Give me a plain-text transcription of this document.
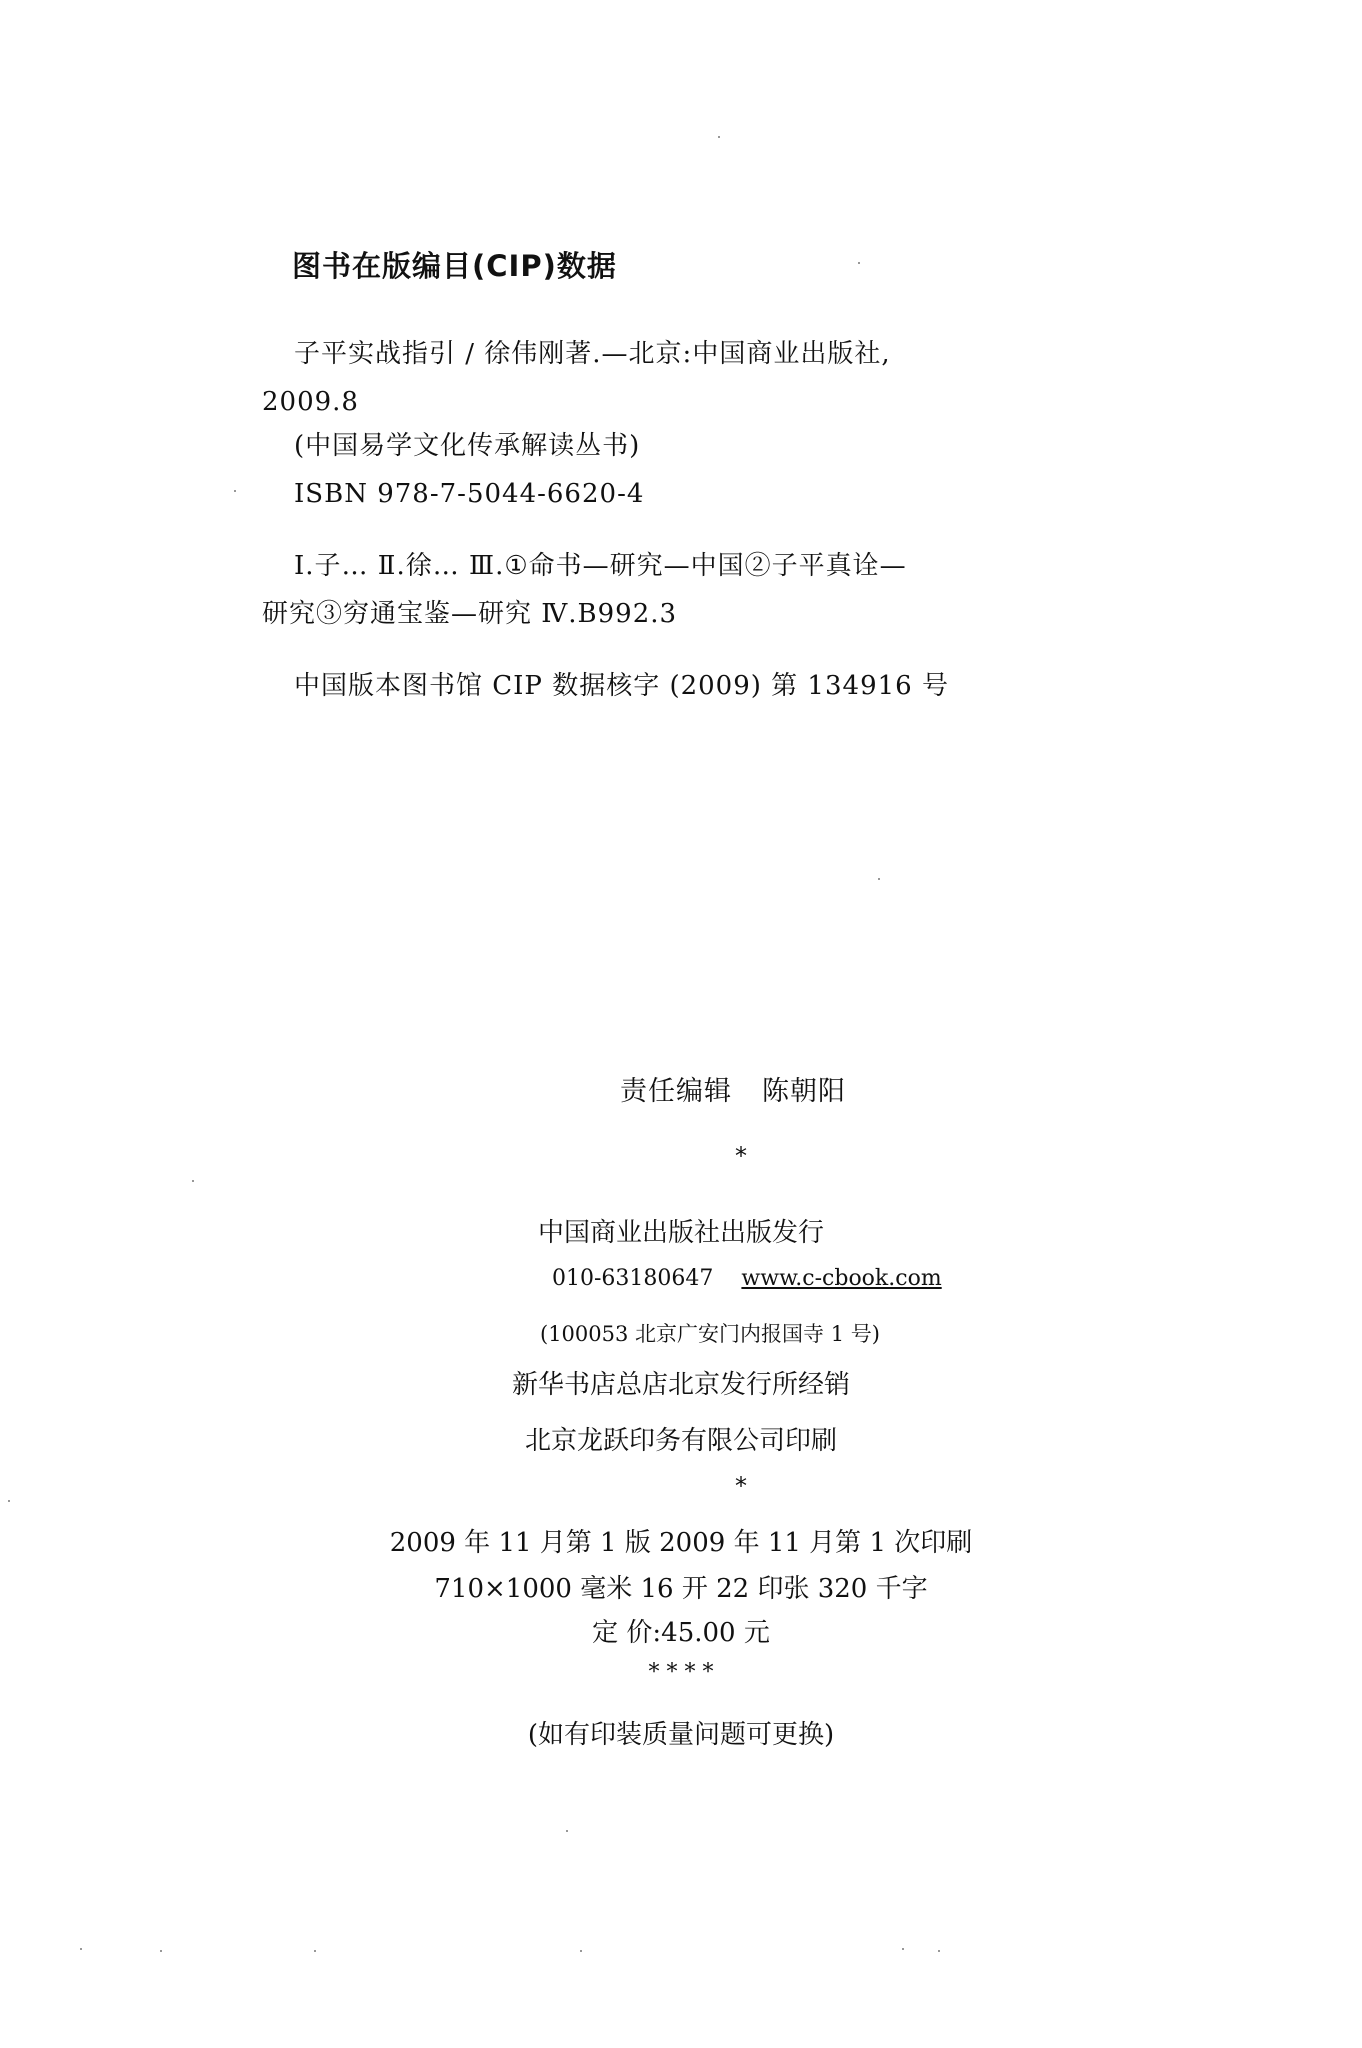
图书在版编目(CIP)数据
子平实战指引 / 徐伟刚著.—北京:中国商业出版社,
2009.8
(中国易学文化传承解读丛书)
ISBN 978-7-5044-6620-4
Ⅰ.子… Ⅱ.徐… Ⅲ.①命书—研究—中国②子平真诠—
研究③穷通宝鉴—研究 Ⅳ.B992.3
中国版本图书馆 CIP 数据核字 (2009) 第 134916 号
责任编辑 陈朝阳
*
中国商业出版社出版发行
010-63180647 www.c-cbook.com
(100053 北京广安门内报国寺 1 号)
新华书店总店北京发行所经销
北京龙跃印务有限公司印刷
*
2009 年 11 月第 1 版 2009 年 11 月第 1 次印刷
710×1000 毫米 16 开 22 印张 320 千字
定 价:45.00 元
* * * *
(如有印装质量问题可更换)
